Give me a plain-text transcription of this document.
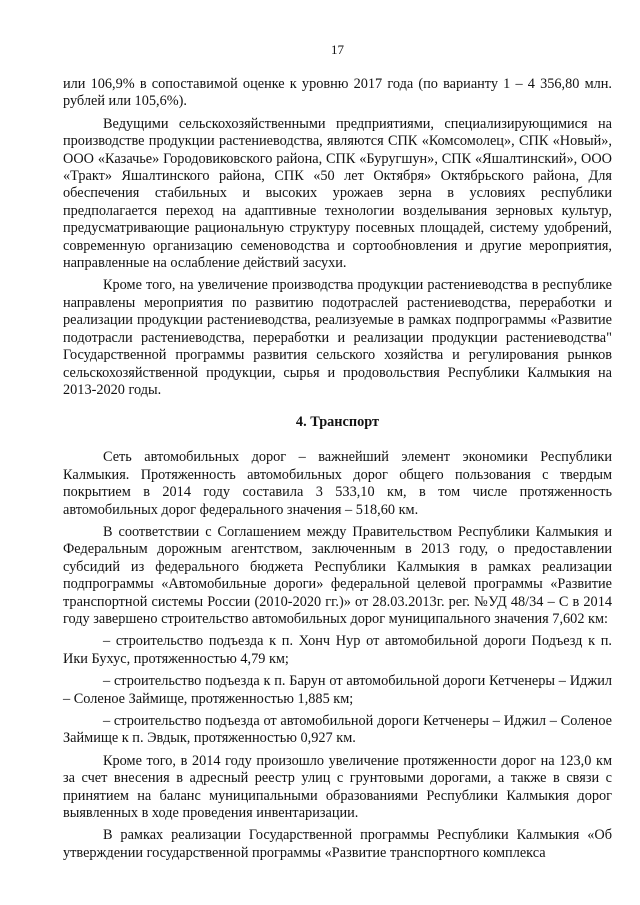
17

или 106,9% в сопоставимой оценке к уровню 2017 года (по варианту 1 – 4 356,80 млн. рублей или 105,6%).

Ведущими сельскохозяйственными предприятиями, специализирующимися на производстве продукции растениеводства, являются СПК «Комсомолец», СПК «Новый», ООО «Казачье» Городовиковского района, СПК «Буругшун», СПК «Яшалтинский», ООО «Тракт» Яшалтинского района, СПК «50 лет Октября» Октябрьского района, Для обеспечения стабильных и высоких урожаев зерна в условиях республики предполагается переход на адаптивные технологии возделывания зерновых культур, предусматривающие рациональную структуру посевных площадей, систему удобрений, современную организацию семеноводства и сортообновления и другие мероприятия, направленные на ослабление действий засухи.

Кроме того, на увеличение производства продукции растениеводства в республике направлены мероприятия по развитию подотраслей растениеводства, переработки и реализации продукции растениеводства, реализуемые в рамках подпрограммы «Развитие подотрасли растениеводства, переработки и реализации продукции растениеводства" Государственной программы развития сельского хозяйства и регулирования рынков сельскохозяйственной продукции, сырья и продовольствия Республики Калмыкия на 2013-2020 годы.

4. Транспорт

Сеть автомобильных дорог – важнейший элемент экономики Республики Калмыкия. Протяженность автомобильных дорог общего пользования с твердым покрытием в 2014 году составила 3 533,10 км, в том числе протяженность автомобильных дорог федерального значения – 518,60 км.

В соответствии с Соглашением между Правительством Республики Калмыкия и Федеральным дорожным агентством, заключенным в 2013 году, о предоставлении субсидий из федерального бюджета Республики Калмыкия в рамках реализации подпрограммы «Автомобильные дороги» федеральной целевой программы «Развитие транспортной системы России (2010-2020 гг.)» от 28.03.2013г. рег. №УД 48/34 – С в 2014 году завершено строительство автомобильных дорог муниципального значения 7,602 км:

– строительство подъезда к п. Хонч Нур от автомобильной дороги Подъезд к п. Ики Бухус, протяженностью 4,79 км;

– строительство подъезда к п. Барун от автомобильной дороги Кетченеры – Иджил – Соленое Займище, протяженностью 1,885 км;

– строительство подъезда от автомобильной дороги Кетченеры – Иджил – Соленое Займище к п. Эвдык, протяженностью 0,927 км.

Кроме того, в 2014 году произошло увеличение протяженности дорог на 123,0 км за счет внесения в адресный реестр улиц с грунтовыми дорогами, а также в связи с принятием на баланс муниципальными образованиями Республики Калмыкия дорог выявленных в ходе проведения инвентаризации.

В рамках реализации Государственной программы Республики Калмыкия «Об утверждении государственной программы «Развитие транспортного комплекса
